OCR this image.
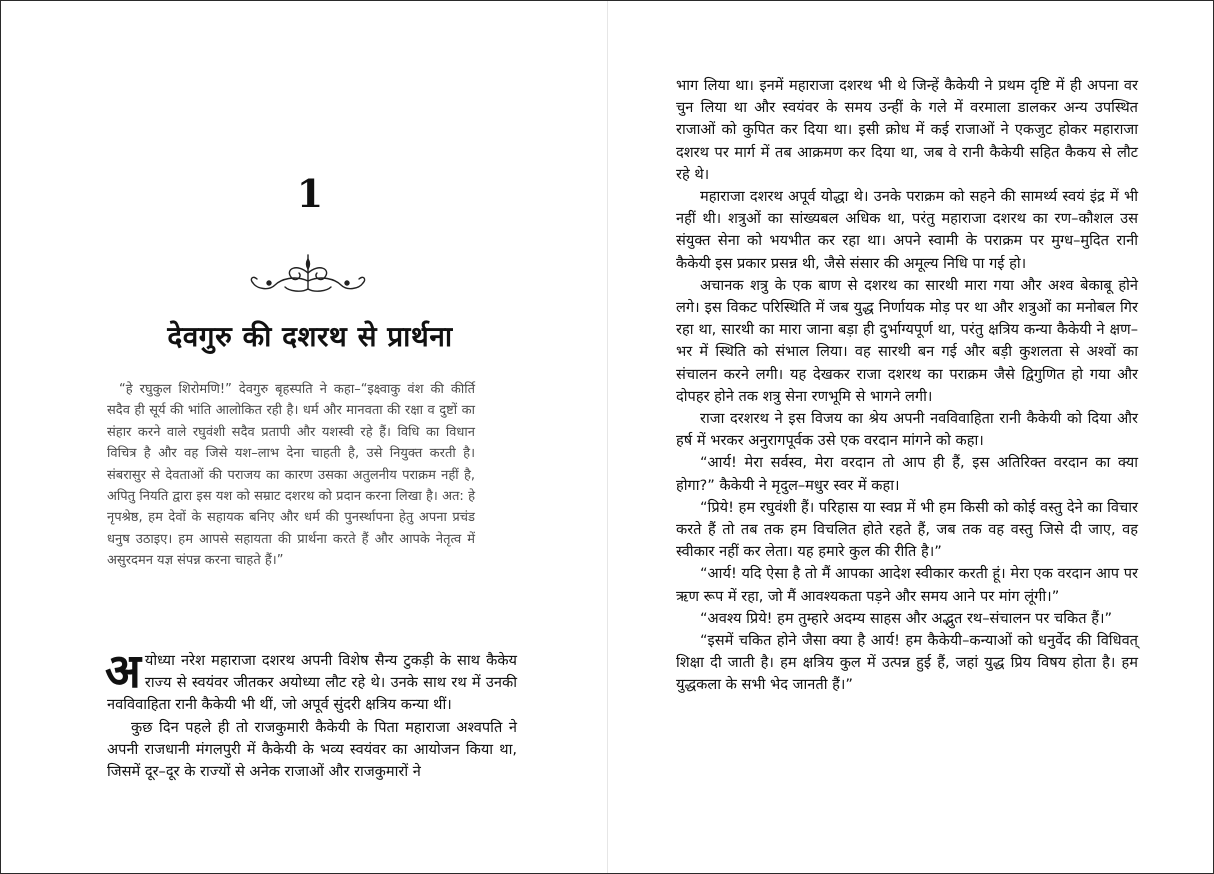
1
देवगुरु की दशरथ से प्रार्थना

“हे रघुकुल शिरोमणि!” देवगुरु बृहस्पति ने कहा–“इक्ष्वाकु वंश की कीर्ति सदैव ही सूर्य की भांति आलोकित रही है। धर्म और मानवता की रक्षा व दुष्टों का संहार करने वाले रघुवंशी सदैव प्रतापी और यशस्वी रहे हैं। विधि का विधान विचित्र है और वह जिसे यश–लाभ देना चाहती है, उसे नियुक्त करती है। संबरासुर से देवताओं की पराजय का कारण उसका अतुलनीय पराक्रम नहीं है, अपितु नियति द्वारा इस यश को सम्राट दशरथ को प्रदान करना लिखा है। अत: हे नृपश्रेष्ठ, हम देवों के सहायक बनिए और धर्म की पुनर्स्थापना हेतु अपना प्रचंड धनुष उठाइए। हम आपसे सहायता की प्रार्थना करते हैं और आपके नेतृत्व में असुरदमन यज्ञ संपन्न करना चाहते हैं।”

अयोध्या नरेश महाराजा दशरथ अपनी विशेष सैन्य टुकड़ी के साथ कैकेय राज्य से स्वयंवर जीतकर अयोध्या लौट रहे थे। उनके साथ रथ में उनकी नवविवाहिता रानी कैकेयी भी थीं, जो अपूर्व सुंदरी क्षत्रिय कन्या थीं।

कुछ दिन पहले ही तो राजकुमारी कैकेयी के पिता महाराजा अश्वपति ने अपनी राजधानी मंगलपुरी में कैकेयी के भव्य स्वयंवर का आयोजन किया था, जिसमें दूर–दूर के राज्यों से अनेक राजाओं और राजकुमारों ने

भाग लिया था। इनमें महाराजा दशरथ भी थे जिन्हें कैकेयी ने प्रथम दृष्टि में ही अपना वर चुन लिया था और स्वयंवर के समय उन्हीं के गले में वरमाला डालकर अन्य उपस्थित राजाओं को कुपित कर दिया था। इसी क्रोध में कई राजाओं ने एकजुट होकर महाराजा दशरथ पर मार्ग में तब आक्रमण कर दिया था, जब वे रानी कैकेयी सहित कैकय से लौट रहे थे।

महाराजा दशरथ अपूर्व योद्धा थे। उनके पराक्रम को सहने की सामर्थ्य स्वयं इंद्र में भी नहीं थी। शत्रुओं का सांख्यबल अधिक था, परंतु महाराजा दशरथ का रण–कौशल उस संयुक्त सेना को भयभीत कर रहा था। अपने स्वामी के पराक्रम पर मुग्ध–मुदित रानी कैकेयी इस प्रकार प्रसन्न थी, जैसे संसार की अमूल्य निधि पा गई हो।

अचानक शत्रु के एक बाण से दशरथ का सारथी मारा गया और अश्व बेकाबू होने लगे। इस विकट परिस्थिति में जब युद्ध निर्णायक मोड़ पर था और शत्रुओं का मनोबल गिर रहा था, सारथी का मारा जाना बड़ा ही दुर्भाग्यपूर्ण था, परंतु क्षत्रिय कन्या कैकेयी ने क्षण–भर में स्थिति को संभाल लिया। वह सारथी बन गई और बड़ी कुशलता से अश्वों का संचालन करने लगी। यह देखकर राजा दशरथ का पराक्रम जैसे द्विगुणित हो गया और दोपहर होने तक शत्रु सेना रणभूमि से भागने लगी।

राजा दरशरथ ने इस विजय का श्रेय अपनी नवविवाहिता रानी कैकेयी को दिया और हर्ष में भरकर अनुरागपूर्वक उसे एक वरदान मांगने को कहा।

“आर्य! मेरा सर्वस्व, मेरा वरदान तो आप ही हैं, इस अतिरिक्त वरदान का क्या होगा?” कैकेयी ने मृदुल–मधुर स्वर में कहा।

“प्रिये! हम रघुवंशी हैं। परिहास या स्वप्न में भी हम किसी को कोई वस्तु देने का विचार करते हैं तो तब तक हम विचलित होते रहते हैं, जब तक वह वस्तु जिसे दी जाए, वह स्वीकार नहीं कर लेता। यह हमारे कुल की रीति है।”

“आर्य! यदि ऐसा है तो मैं आपका आदेश स्वीकार करती हूं। मेरा एक वरदान आप पर ऋण रूप में रहा, जो मैं आवश्यकता पड़ने और समय आने पर मांग लूंगी।”

“अवश्य प्रिये! हम तुम्हारे अदम्य साहस और अद्भुत रथ–संचालन पर चकित हैं।”

“इसमें चकित होने जैसा क्या है आर्य! हम कैकेयी–कन्याओं को धनुर्वेद की विधिवत् शिक्षा दी जाती है। हम क्षत्रिय कुल में उत्पन्न हुई हैं, जहां युद्ध प्रिय विषय होता है। हम युद्धकला के सभी भेद जानती हैं।”
